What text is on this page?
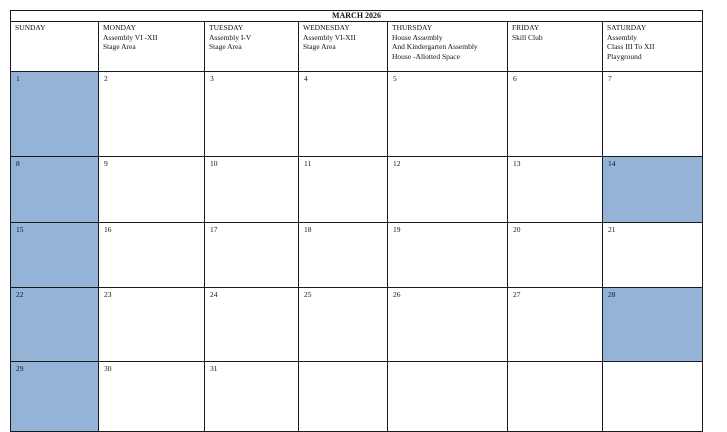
MARCH 2026						

SUNDAY	MONDAY
Assembly VI -XII
Stage Area	TUESDAY
Assembly I-V
Stage Area	WEDNESDAY
Assembly VI-XII
Stage Area	THURSDAY
House Assembly
And Kindergarten Assembly
House -Allotted Space	FRIDAY
Skill Club	SATURDAY
Assembly
Class III To XII
Playground

1	2	3	4	5	6	7
8	9	10	11	12	13	14
15	16	17	18	19	20	21
22	23	24	25	26	27	28
29	30	31				
